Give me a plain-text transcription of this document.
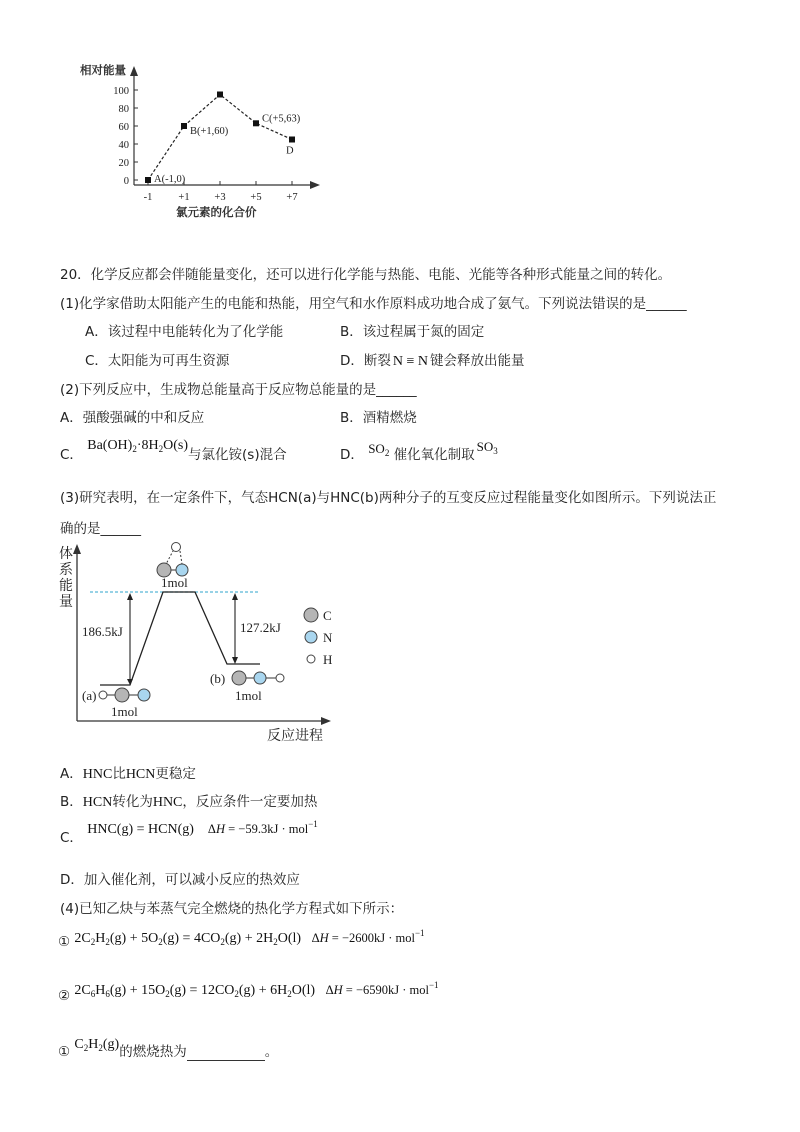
0
20
40
60
80
100
-1 +1 +3 +5 +7
A(-1,0)
B(+1,60)
C(+5,63)
D
相对能量
氯元素的化合价
20．化学反应都会伴随能量变化，还可以进行化学能与热能、电能、光能等各种形式能量之间的转化。
(1)化学家借助太阳能产生的电能和热能，用空气和水作原料成功地合成了氨气。下列说法错误的是______
A．该过程中电能转化为了化学能	B．该过程属于氮的固定
C．太阳能为可再生资源	D．断裂 N ≡ N 键会释放出能量
(2)下列反应中，生成物总能量高于反应物总能量的是______
A．强酸强碱的中和反应	B．酒精燃烧
C． $Ba(OH)_2\cdot 8H_2O(s)$与氯化铵(s)混合	D． $SO_2$ 催化氧化制取$SO_3$
(3)研究表明，在一定条件下，气态HCN(a)与HNC(b)两种分子的互变反应过程能量变化如图所示。下列说法正
确的是______
体
系
能
量
反应进程
186.5kJ	127.2kJ
1mol
(a)
1mol
(b)
1mol
C
N
H
A．HNC比HCN更稳定
B．HCN转化为HNC，反应条件一定要加热
C． HNC(g) = HCN(g)    ΔH = −59.3kJ · mol$^{-1}$
D．加入催化剂，可以减小反应的热效应
(4)已知乙炔与苯蒸气完全燃烧的热化学方程式如下所示：
① $2C_2H_2(g) + 5O_2(g) = 4CO_2(g) + 2H_2O(l) \Delta H = -2600kJ \cdot mol^{-1}$
② $2C_6H_6(g) + 15O_2(g) = 12CO_2(g) + 6H_2O(l) \Delta H = -6590kJ \cdot mol^{-1}$
① $C_2H_2(g)$的燃烧热为	。
